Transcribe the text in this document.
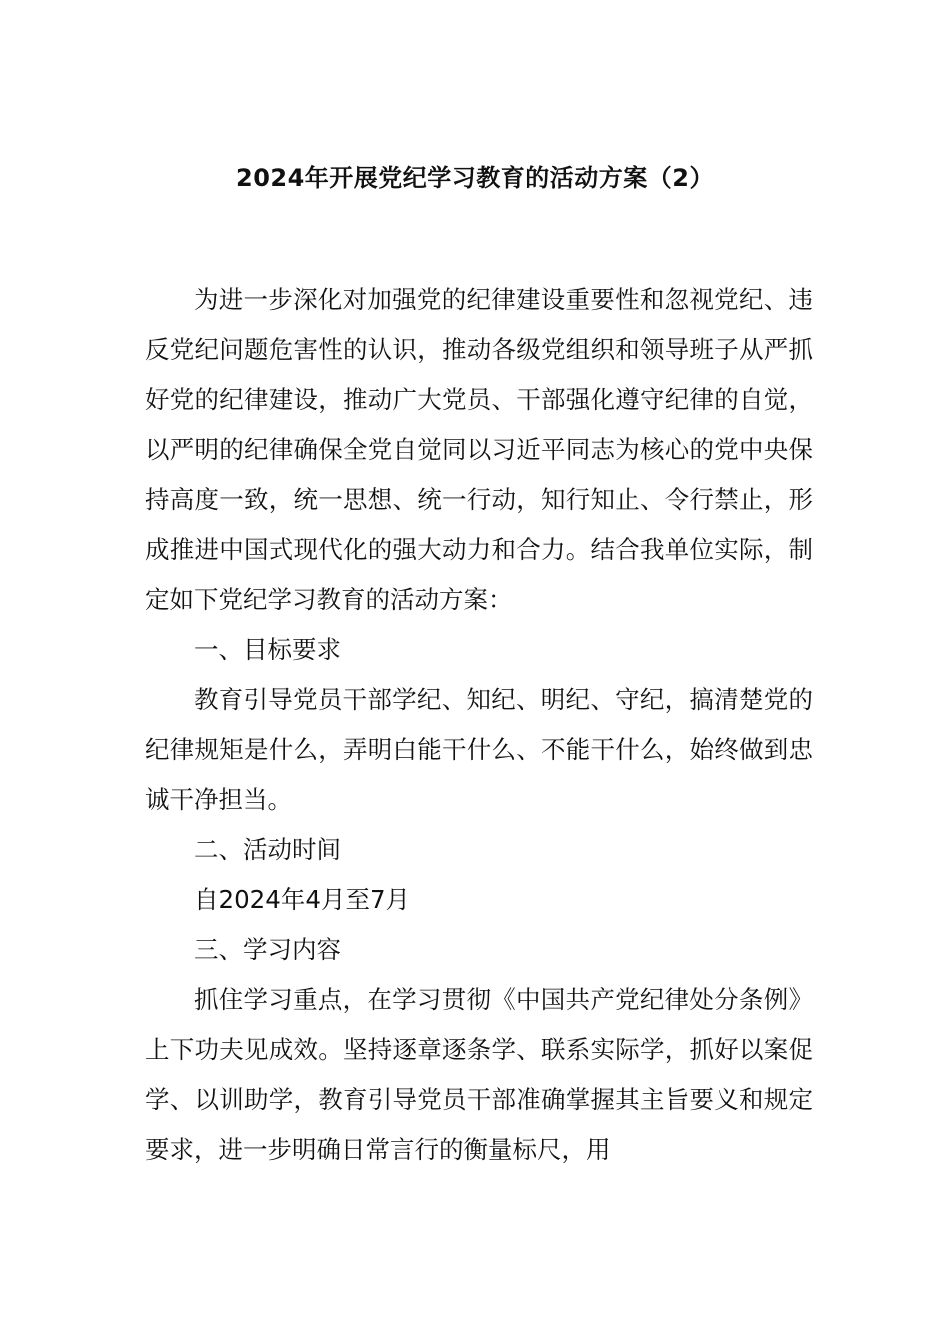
2024年开展党纪学习教育的活动方案（2）

为进一步深化对加强党的纪律建设重要性和忽视党纪、违反党纪问题危害性的认识，推动各级党组织和领导班子从严抓好党的纪律建设，推动广大党员、干部强化遵守纪律的自觉，以严明的纪律确保全党自觉同以习近平同志为核心的党中央保持高度一致，统一思想、统一行动，知行知止、令行禁止，形成推进中国式现代化的强大动力和合力。结合我单位实际，制定如下党纪学习教育的活动方案：

一、目标要求

教育引导党员干部学纪、知纪、明纪、守纪，搞清楚党的纪律规矩是什么，弄明白能干什么、不能干什么，始终做到忠诚干净担当。

二、活动时间

自2024年4月至7月

三、学习内容

抓住学习重点，在学习贯彻《中国共产党纪律处分条例》上下功夫见成效。坚持逐章逐条学、联系实际学，抓好以案促学、以训助学，教育引导党员干部准确掌握其主旨要义和规定要求，进一步明确日常言行的衡量标尺，用
